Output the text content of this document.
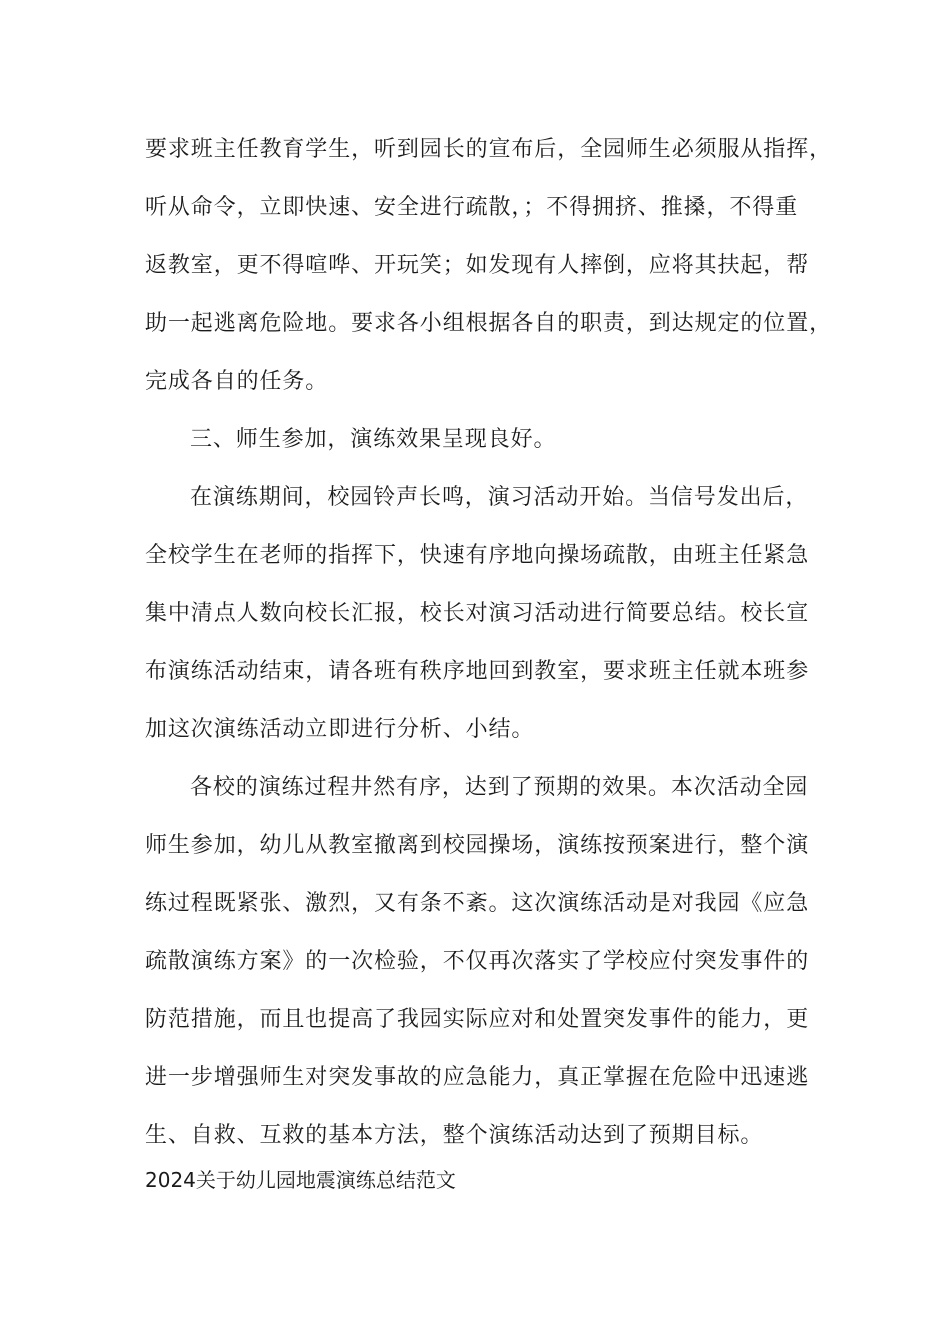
要求班主任教育学生，听到园长的宣布后，全园师生必须服从指挥，
听从命令，立即快速、安全进行疏散，；不得拥挤、推搡，不得重
返教室，更不得喧哗、开玩笑；如发现有人摔倒，应将其扶起，帮
助一起逃离危险地。要求各小组根据各自的职责，到达规定的位置，
完成各自的任务。
三、师生参加，演练效果呈现良好。
在演练期间，校园铃声长鸣，演习活动开始。当信号发出后，
全校学生在老师的指挥下，快速有序地向操场疏散，由班主任紧急
集中清点人数向校长汇报，校长对演习活动进行简要总结。校长宣
布演练活动结束，请各班有秩序地回到教室，要求班主任就本班参
加这次演练活动立即进行分析、小结。
各校的演练过程井然有序，达到了预期的效果。本次活动全园
师生参加，幼儿从教室撤离到校园操场，演练按预案进行，整个演
练过程既紧张、激烈，又有条不紊。这次演练活动是对我园《应急
疏散演练方案》的一次检验，不仅再次落实了学校应付突发事件的
防范措施，而且也提高了我园实际应对和处置突发事件的能力，更
进一步增强师生对突发事故的应急能力，真正掌握在危险中迅速逃
生、自救、互救的基本方法，整个演练活动达到了预期目标。
2024关于幼儿园地震演练总结范文
